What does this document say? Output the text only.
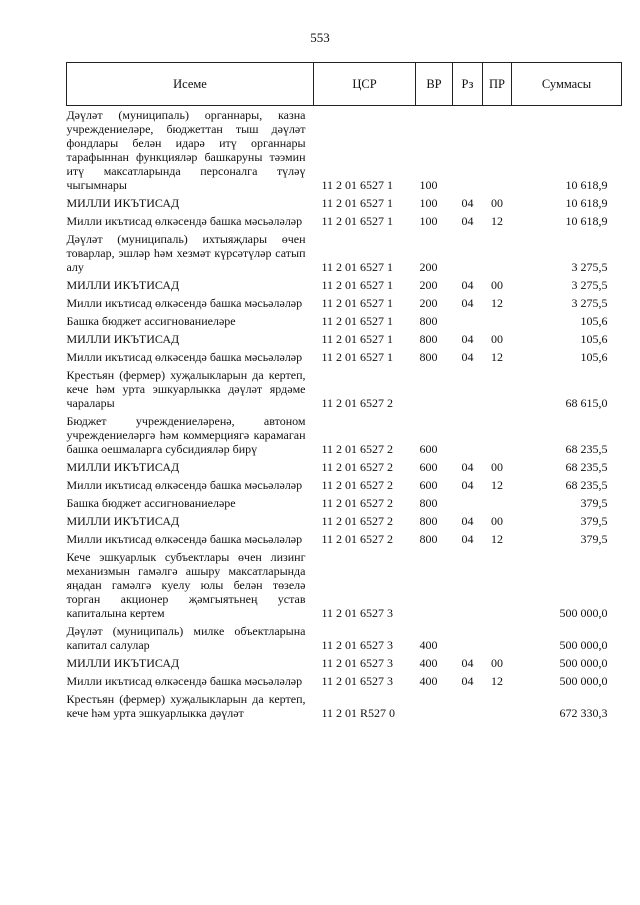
553
Исеме	ЦСР	ВР	Рз	ПР	Суммасы
Дәүләт (муниципаль) органнары, казна учреждениеләре, бюджеттан тыш дәүләт фондлары белән идарә итү органнары тарафыннан функцияләр башкаруны тәэмин итү максатларында персоналга түләү чыгымнары	11 2 01 6527 1	100			10 618,9
МИЛЛИ ИКЪТИСАД	11 2 01 6527 1	100	04	00	10 618,9
Милли икътисад өлкәсендә башка мәсьәләләр	11 2 01 6527 1	100	04	12	10 618,9
Дәүләт (муниципаль) ихтыяҗлары өчен товарлар, эшләр һәм хезмәт күрсәтүләр сатып алу	11 2 01 6527 1	200			3 275,5
МИЛЛИ ИКЪТИСАД	11 2 01 6527 1	200	04	00	3 275,5
Милли икътисад өлкәсендә башка мәсьәләләр	11 2 01 6527 1	200	04	12	3 275,5
Башка бюджет ассигнованиеләре	11 2 01 6527 1	800			105,6
МИЛЛИ ИКЪТИСАД	11 2 01 6527 1	800	04	00	105,6
Милли икътисад өлкәсендә башка мәсьәләләр	11 2 01 6527 1	800	04	12	105,6
Крестьян (фермер) хуҗалыкларын да кертеп, кече һәм урта эшкуарлыкка дәүләт ярдәме чаралары	11 2 01 6527 2				68 615,0
Бюджет учреждениеләренә, автоном учреждениеләргә һәм коммерциягә карамаган башка оешмаларга субсидияләр бирү	11 2 01 6527 2	600			68 235,5
МИЛЛИ ИКЪТИСАД	11 2 01 6527 2	600	04	00	68 235,5
Милли икътисад өлкәсендә башка мәсьәләләр	11 2 01 6527 2	600	04	12	68 235,5
Башка бюджет ассигнованиеләре	11 2 01 6527 2	800			379,5
МИЛЛИ ИКЪТИСАД	11 2 01 6527 2	800	04	00	379,5
Милли икътисад өлкәсендә башка мәсьәләләр	11 2 01 6527 2	800	04	12	379,5
Кече эшкуарлык субъектлары өчен лизинг механизмын гамәлгә ашыру максатларында яңадан гамәлгә куелу юлы белән төзелә торган акционер җәмгыятьнең устав капиталына кертем	11 2 01 6527 3				500 000,0
Дәүләт (муниципаль) милке объектларына капитал салулар	11 2 01 6527 3	400			500 000,0
МИЛЛИ ИКЪТИСАД	11 2 01 6527 3	400	04	00	500 000,0
Милли икътисад өлкәсендә башка мәсьәләләр	11 2 01 6527 3	400	04	12	500 000,0
Крестьян (фермер) хуҗалыкларын да кертеп, кече һәм урта эшкуарлыкка дәүләт	11 2 01 R527 0				672 330,3
